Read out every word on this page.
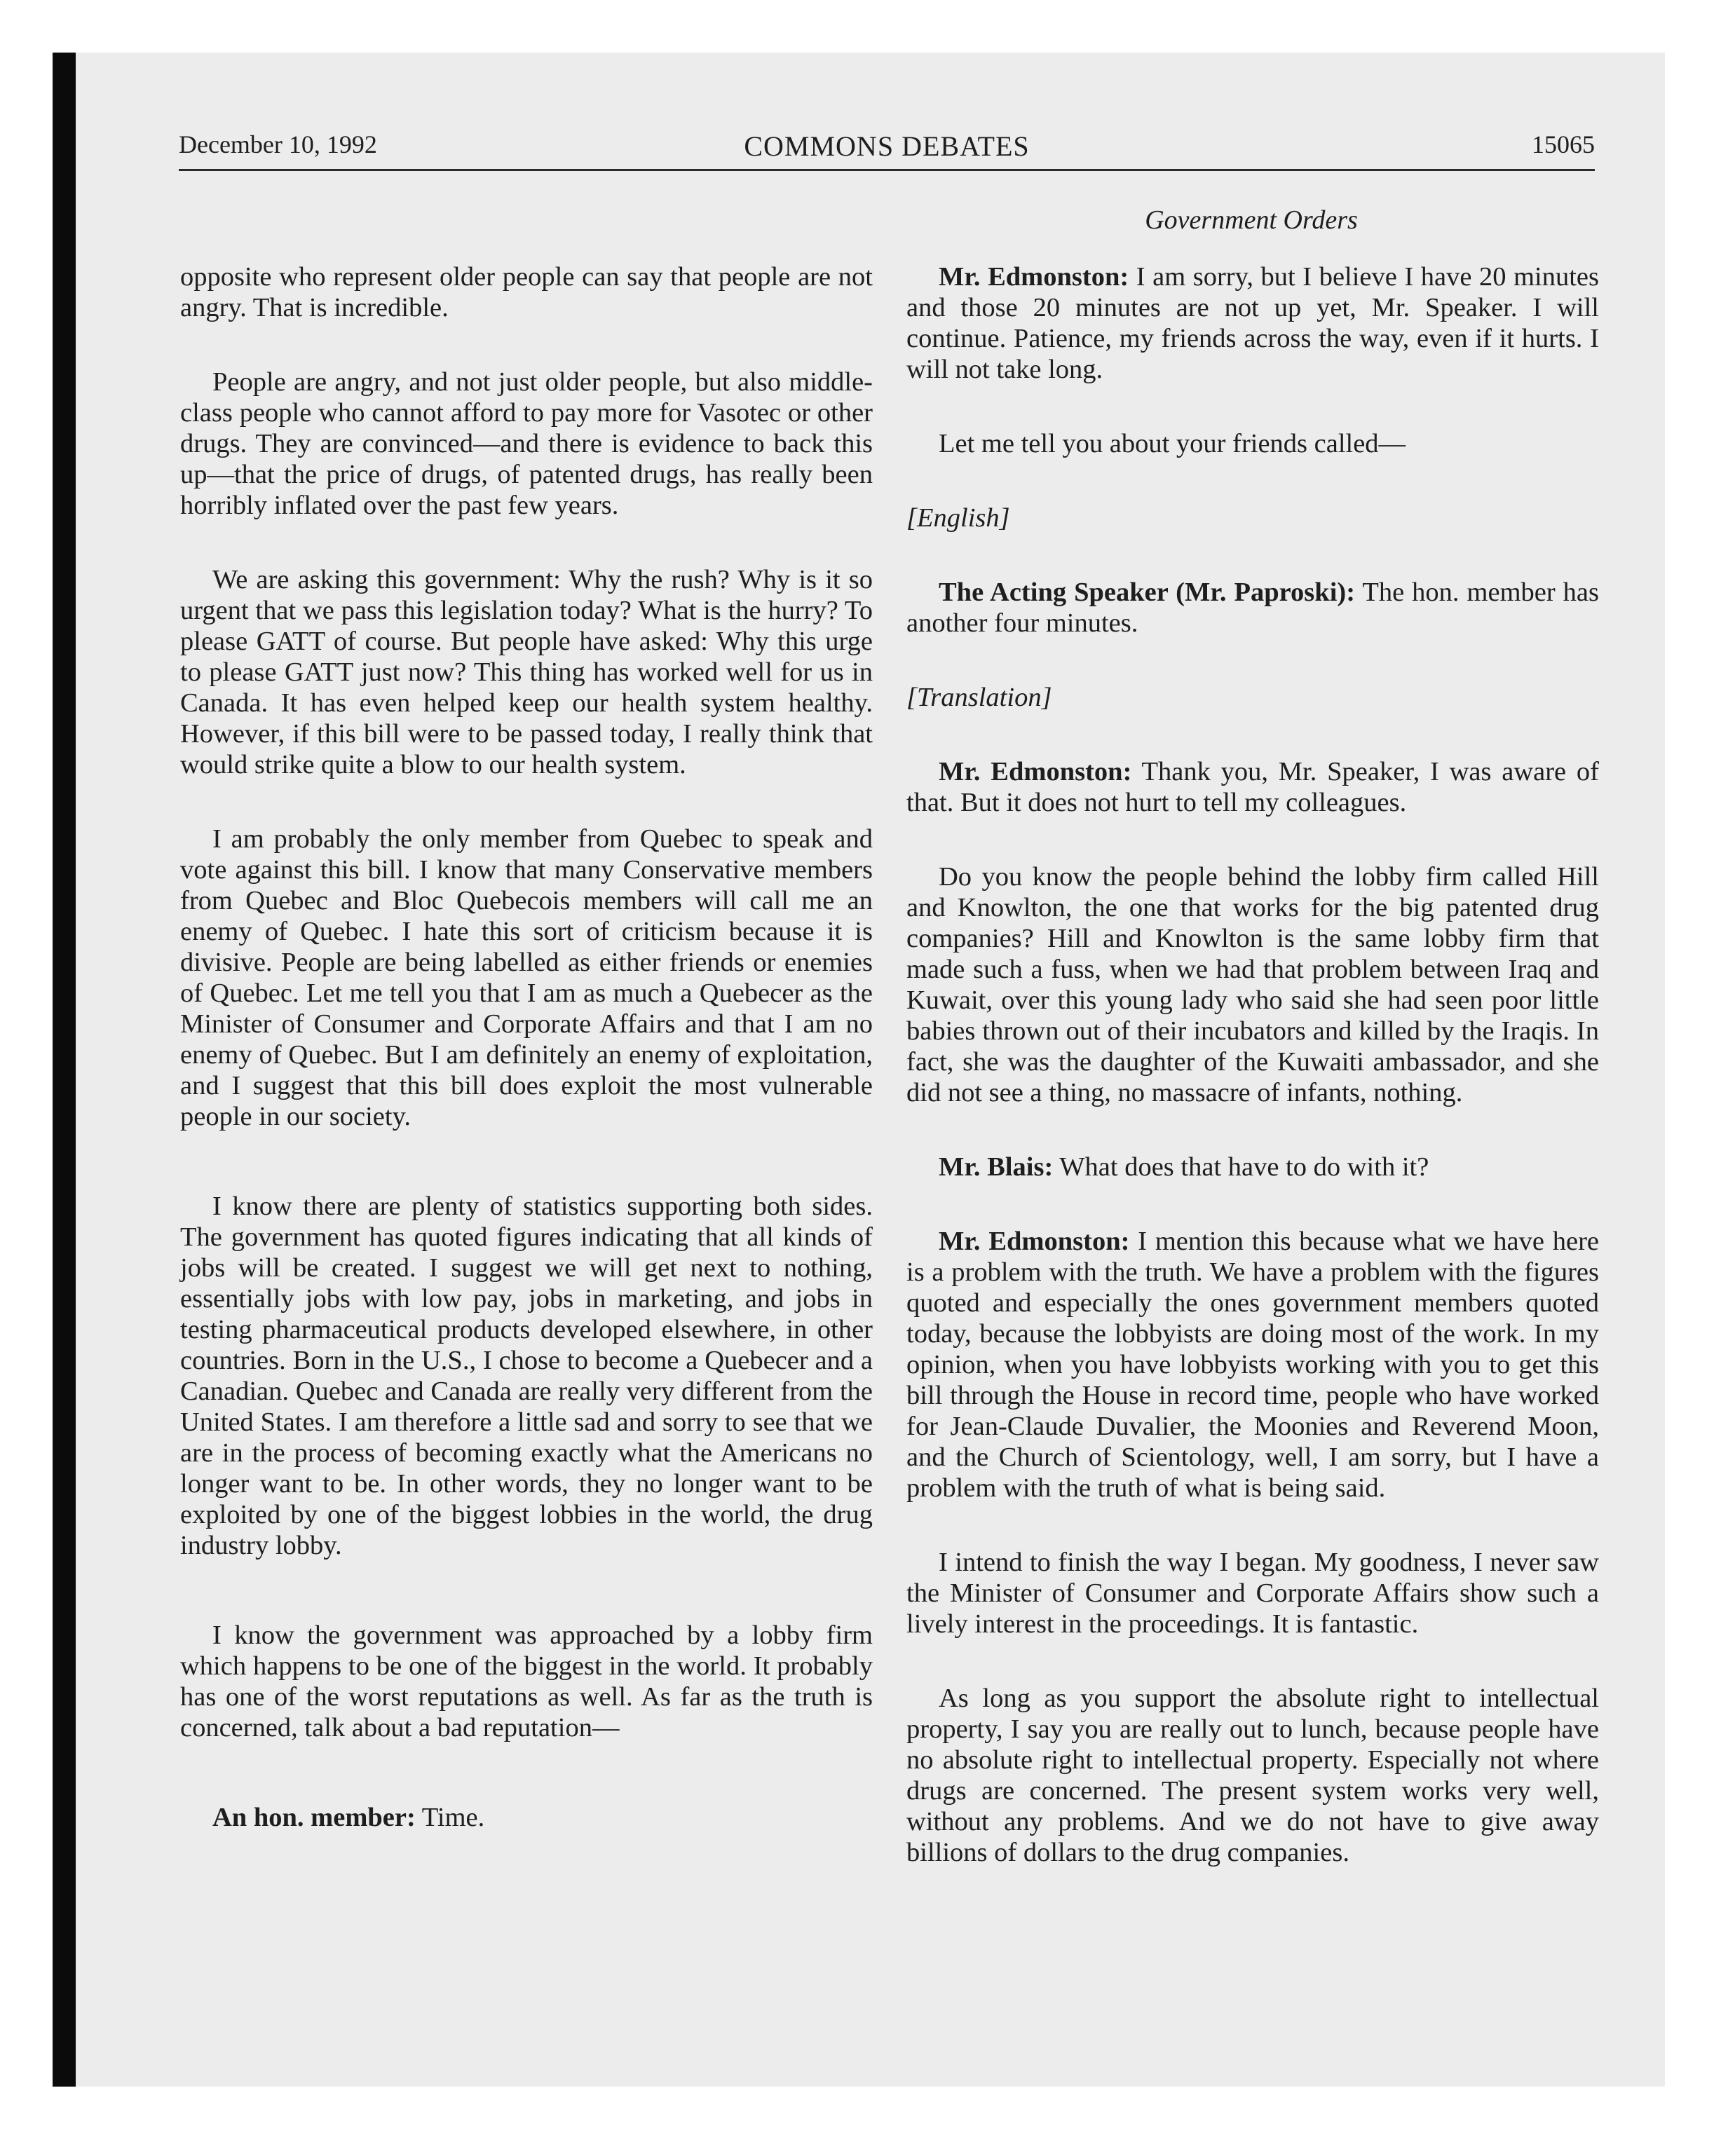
December 10, 1992	COMMONS DEBATES	15065
Government Orders

opposite who represent older people can say that people are not angry. That is incredible.

People are angry, and not just older people, but also middle-class people who cannot afford to pay more for Vasotec or other drugs. They are convinced—and there is evidence to back this up—that the price of drugs, of patented drugs, has really been horribly inflated over the past few years.

We are asking this government: Why the rush? Why is it so urgent that we pass this legislation today? What is the hurry? To please GATT of course. But people have asked: Why this urge to please GATT just now? This thing has worked well for us in Canada. It has even helped keep our health system healthy. However, if this bill were to be passed today, I really think that would strike quite a blow to our health system.

I am probably the only member from Quebec to speak and vote against this bill. I know that many Conservative members from Quebec and Bloc Quebecois members will call me an enemy of Quebec. I hate this sort of criticism because it is divisive. People are being labelled as either friends or enemies of Quebec. Let me tell you that I am as much a Quebecer as the Minister of Consumer and Corporate Affairs and that I am no enemy of Quebec. But I am definitely an enemy of exploitation, and I suggest that this bill does exploit the most vulnerable people in our society.

I know there are plenty of statistics supporting both sides. The government has quoted figures indicating that all kinds of jobs will be created. I suggest we will get next to nothing, essentially jobs with low pay, jobs in marketing, and jobs in testing pharmaceutical products developed elsewhere, in other countries. Born in the U.S., I chose to become a Quebecer and a Canadian. Quebec and Canada are really very different from the United States. I am therefore a little sad and sorry to see that we are in the process of becoming exactly what the Americans no longer want to be. In other words, they no longer want to be exploited by one of the biggest lobbies in the world, the drug industry lobby.

I know the government was approached by a lobby firm which happens to be one of the biggest in the world. It probably has one of the worst reputations as well. As far as the truth is concerned, talk about a bad reputation—

An hon. member: Time.

Mr. Edmonston: I am sorry, but I believe I have 20 minutes and those 20 minutes are not up yet, Mr. Speaker. I will continue. Patience, my friends across the way, even if it hurts. I will not take long.

Let me tell you about your friends called—

[English]

The Acting Speaker (Mr. Paproski): The hon. member has another four minutes.

[Translation]

Mr. Edmonston: Thank you, Mr. Speaker, I was aware of that. But it does not hurt to tell my colleagues.

Do you know the people behind the lobby firm called Hill and Knowlton, the one that works for the big patented drug companies? Hill and Knowlton is the same lobby firm that made such a fuss, when we had that problem between Iraq and Kuwait, over this young lady who said she had seen poor little babies thrown out of their incubators and killed by the Iraqis. In fact, she was the daughter of the Kuwaiti ambassador, and she did not see a thing, no massacre of infants, nothing.

Mr. Blais: What does that have to do with it?

Mr. Edmonston: I mention this because what we have here is a problem with the truth. We have a problem with the figures quoted and especially the ones government members quoted today, because the lobbyists are doing most of the work. In my opinion, when you have lobbyists working with you to get this bill through the House in record time, people who have worked for Jean-Claude Duvalier, the Moonies and Reverend Moon, and the Church of Scientology, well, I am sorry, but I have a problem with the truth of what is being said.

I intend to finish the way I began. My goodness, I never saw the Minister of Consumer and Corporate Affairs show such a lively interest in the proceedings. It is fantastic.

As long as you support the absolute right to intellectual property, I say you are really out to lunch, because people have no absolute right to intellectual property. Especially not where drugs are concerned. The present system works very well, without any problems. And we do not have to give away billions of dollars to the drug companies.
